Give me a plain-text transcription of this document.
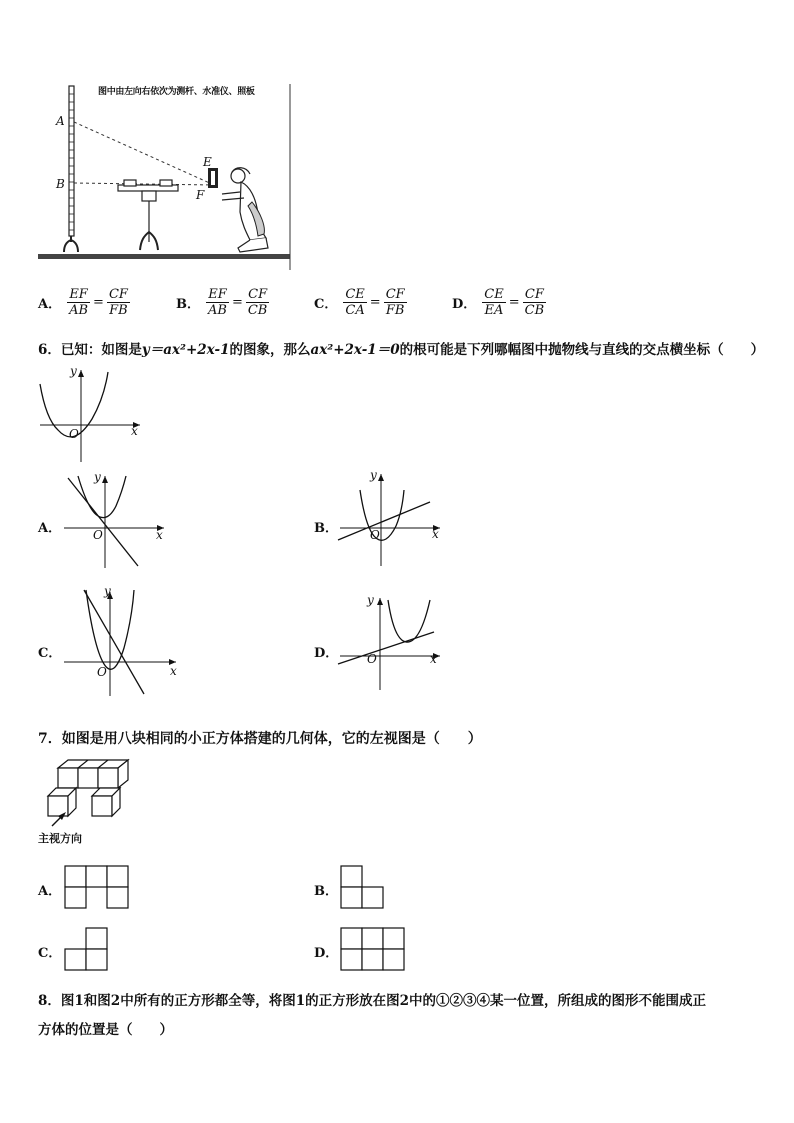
图中由左向右依次为测杆、水准仪、照板
A
B
E
F
A． $\frac{EF}{AB} = \frac{CF}{FB}$	B． $\frac{EF}{AB} = \frac{CF}{CB}$	C． $\frac{CE}{CA} = \frac{CF}{FB}$	D． $\frac{CE}{EA} = \frac{CF}{CB}$
6．已知：如图是y＝ax²+2x-1的图象，那么ax²+2x-1＝0的根可能是下列哪幅图中抛物线与直线的交点横坐标（　　）
y
x
O
A．
y
x
O	B．
y
x
O
C．
y
x
O
D．
y
x
O
7．如图是用八块相同的小正方体搭建的几何体，它的左视图是（　　）
主视方向
A．	B．
C．	D．
8．图1和图2中所有的正方形都全等，将图1的正方形放在图2中的①②③④某一位置，所组成的图形不能围成正
方体的位置是（　　）
